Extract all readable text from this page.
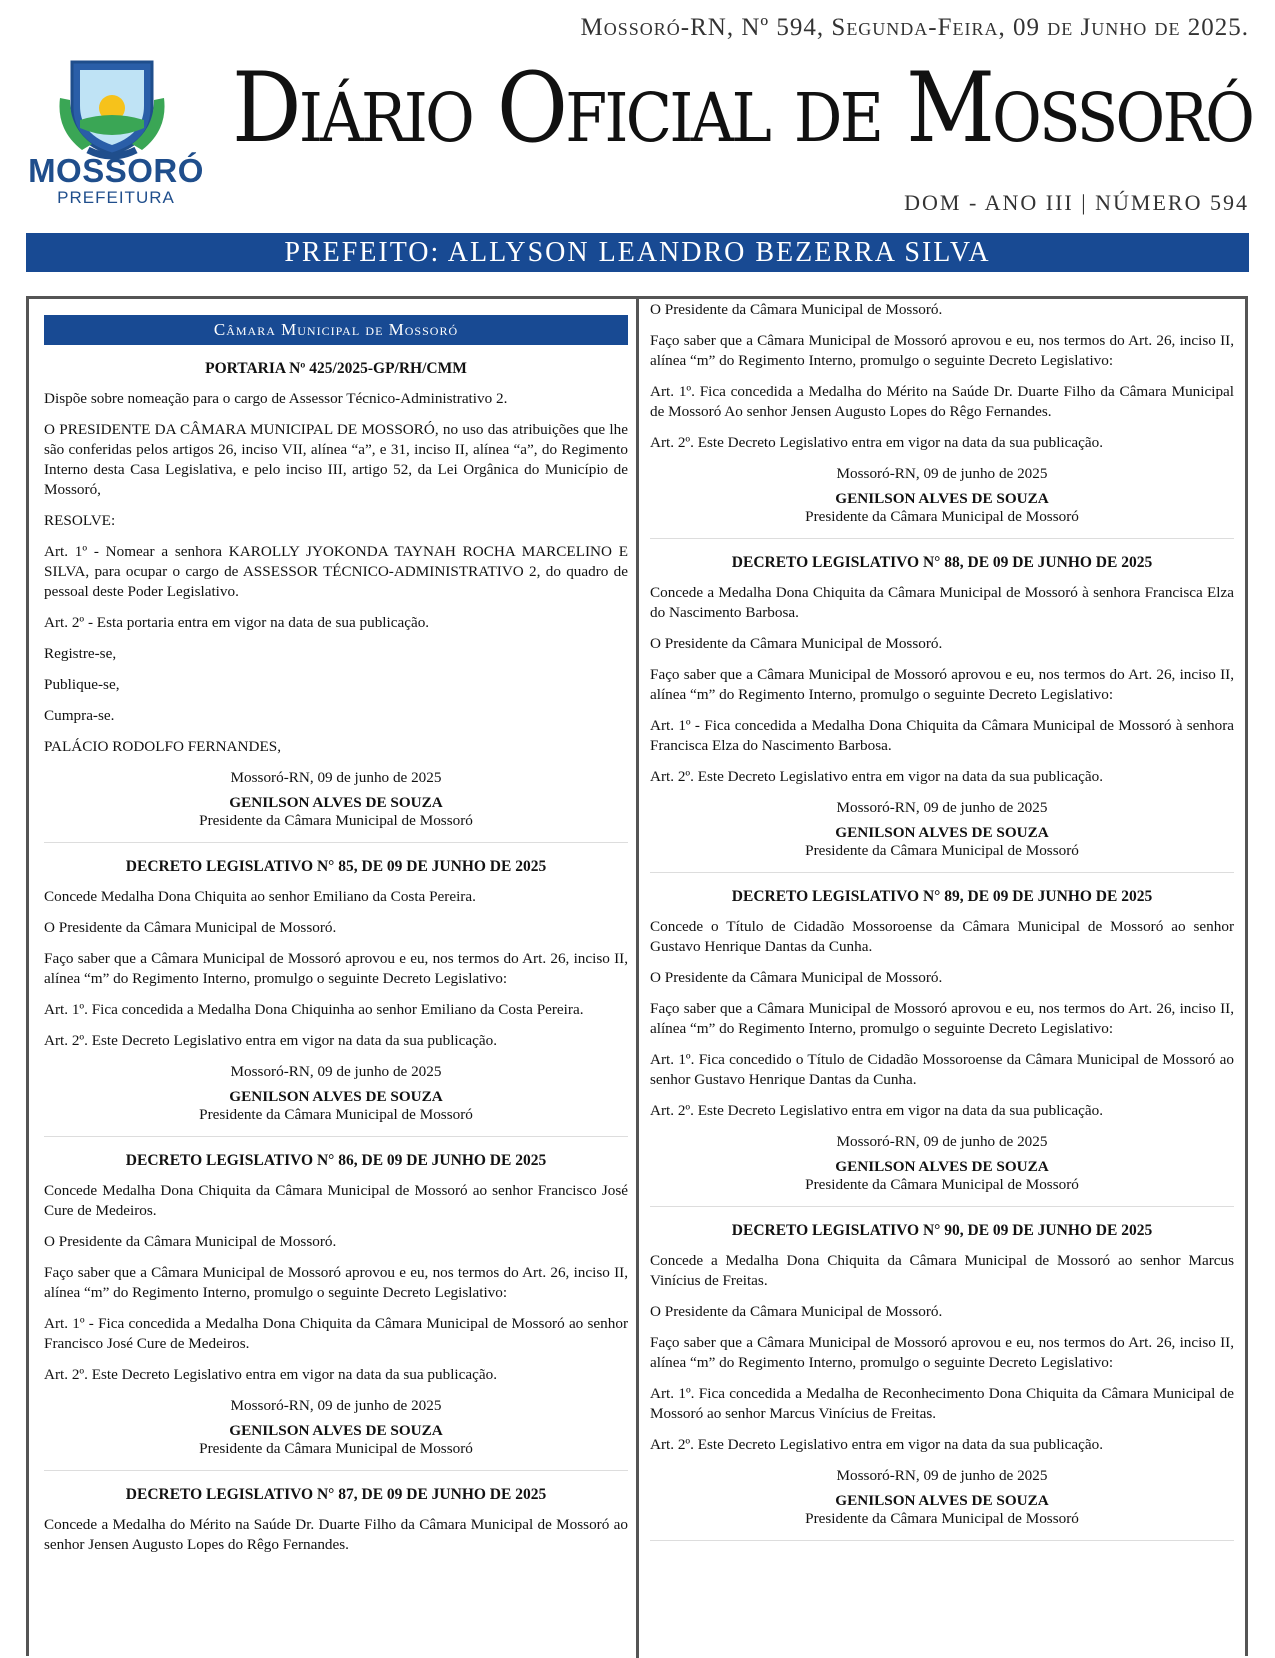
Mossoró-RN, Nº 594, Segunda-Feira, 09 de Junho de 2025.
MOSSORÓ
PREFEITURA
Diário Oficial de Mossoró
DOM - ANO III | NÚMERO 594
PREFEITO: ALLYSON LEANDRO BEZERRA SILVA
Câmara Municipal de Mossoró

PORTARIA Nº 425/2025-GP/RH/CMM

Dispõe sobre nomeação para o cargo de Assessor Técnico-Administrativo 2.

O PRESIDENTE DA CÂMARA MUNICIPAL DE MOSSORÓ, no uso das atribuições que lhe são conferidas pelos artigos 26, inciso VII, alínea “a”, e 31, inciso II, alínea “a”, do Regimento Interno desta Casa Legislativa, e pelo inciso III, artigo 52, da Lei Orgânica do Município de Mossoró,

RESOLVE:

Art. 1º - Nomear a senhora KAROLLY JYOKONDA TAYNAH ROCHA MARCELINO E SILVA, para ocupar o cargo de ASSESSOR TÉCNICO-ADMINISTRATIVO 2, do quadro de pessoal deste Poder Legislativo.

Art. 2º - Esta portaria entra em vigor na data de sua publicação.

Registre-se,

Publique-se,

Cumpra-se.

PALÁCIO RODOLFO FERNANDES,

Mossoró-RN, 09 de junho de 2025

GENILSON ALVES DE SOUZA

Presidente da Câmara Municipal de Mossoró

DECRETO LEGISLATIVO N° 85, DE 09 DE JUNHO DE 2025

Concede Medalha Dona Chiquita ao senhor Emiliano da Costa Pereira.

O Presidente da Câmara Municipal de Mossoró.

Faço saber que a Câmara Municipal de Mossoró aprovou e eu, nos termos do Art. 26, inciso II, alínea “m” do Regimento Interno, promulgo o seguinte Decreto Legislativo:

Art. 1º. Fica concedida a Medalha Dona Chiquinha ao senhor Emiliano da Costa Pereira.

Art. 2º. Este Decreto Legislativo entra em vigor na data da sua publicação.

Mossoró-RN, 09 de junho de 2025

GENILSON ALVES DE SOUZA

Presidente da Câmara Municipal de Mossoró

DECRETO LEGISLATIVO N° 86, DE 09 DE JUNHO DE 2025

Concede Medalha Dona Chiquita da Câmara Municipal de Mossoró ao senhor Francisco José Cure de Medeiros.

O Presidente da Câmara Municipal de Mossoró.

Faço saber que a Câmara Municipal de Mossoró aprovou e eu, nos termos do Art. 26, inciso II, alínea “m” do Regimento Interno, promulgo o seguinte Decreto Legislativo:

Art. 1º - Fica concedida a Medalha Dona Chiquita da Câmara Municipal de Mossoró ao senhor Francisco José Cure de Medeiros.

Art. 2º. Este Decreto Legislativo entra em vigor na data da sua publicação.

Mossoró-RN, 09 de junho de 2025

GENILSON ALVES DE SOUZA

Presidente da Câmara Municipal de Mossoró

DECRETO LEGISLATIVO N° 87, DE 09 DE JUNHO DE 2025

Concede a Medalha do Mérito na Saúde Dr. Duarte Filho da Câmara Municipal de Mossoró ao senhor Jensen Augusto Lopes do Rêgo Fernandes.

O Presidente da Câmara Municipal de Mossoró.

Faço saber que a Câmara Municipal de Mossoró aprovou e eu, nos termos do Art. 26, inciso II, alínea “m” do Regimento Interno, promulgo o seguinte Decreto Legislativo:

Art. 1º. Fica concedida a Medalha do Mérito na Saúde Dr. Duarte Filho da Câmara Municipal de Mossoró Ao senhor Jensen Augusto Lopes do Rêgo Fernandes.

Art. 2º. Este Decreto Legislativo entra em vigor na data da sua publicação.

Mossoró-RN, 09 de junho de 2025

GENILSON ALVES DE SOUZA

Presidente da Câmara Municipal de Mossoró

DECRETO LEGISLATIVO N° 88, DE 09 DE JUNHO DE 2025

Concede a Medalha Dona Chiquita da Câmara Municipal de Mossoró à senhora Francisca Elza do Nascimento Barbosa.

O Presidente da Câmara Municipal de Mossoró.

Faço saber que a Câmara Municipal de Mossoró aprovou e eu, nos termos do Art. 26, inciso II, alínea “m” do Regimento Interno, promulgo o seguinte Decreto Legislativo:

Art. 1º - Fica concedida a Medalha Dona Chiquita da Câmara Municipal de Mossoró à senhora Francisca Elza do Nascimento Barbosa.

Art. 2º. Este Decreto Legislativo entra em vigor na data da sua publicação.

Mossoró-RN, 09 de junho de 2025

GENILSON ALVES DE SOUZA

Presidente da Câmara Municipal de Mossoró

DECRETO LEGISLATIVO N° 89, DE 09 DE JUNHO DE 2025

Concede o Título de Cidadão Mossoroense da Câmara Municipal de Mossoró ao senhor Gustavo Henrique Dantas da Cunha.

O Presidente da Câmara Municipal de Mossoró.

Faço saber que a Câmara Municipal de Mossoró aprovou e eu, nos termos do Art. 26, inciso II, alínea “m” do Regimento Interno, promulgo o seguinte Decreto Legislativo:

Art. 1º. Fica concedido o Título de Cidadão Mossoroense da Câmara Municipal de Mossoró ao senhor Gustavo Henrique Dantas da Cunha.

Art. 2º. Este Decreto Legislativo entra em vigor na data da sua publicação.

Mossoró-RN, 09 de junho de 2025

GENILSON ALVES DE SOUZA

Presidente da Câmara Municipal de Mossoró

DECRETO LEGISLATIVO N° 90, DE 09 DE JUNHO DE 2025

Concede a Medalha Dona Chiquita da Câmara Municipal de Mossoró ao senhor Marcus Vinícius de Freitas.

O Presidente da Câmara Municipal de Mossoró.

Faço saber que a Câmara Municipal de Mossoró aprovou e eu, nos termos do Art. 26, inciso II, alínea “m” do Regimento Interno, promulgo o seguinte Decreto Legislativo:

Art. 1º. Fica concedida a Medalha de Reconhecimento Dona Chiquita da Câmara Municipal de Mossoró ao senhor Marcus Vinícius de Freitas.

Art. 2º. Este Decreto Legislativo entra em vigor na data da sua publicação.

Mossoró-RN, 09 de junho de 2025

GENILSON ALVES DE SOUZA

Presidente da Câmara Municipal de Mossoró
